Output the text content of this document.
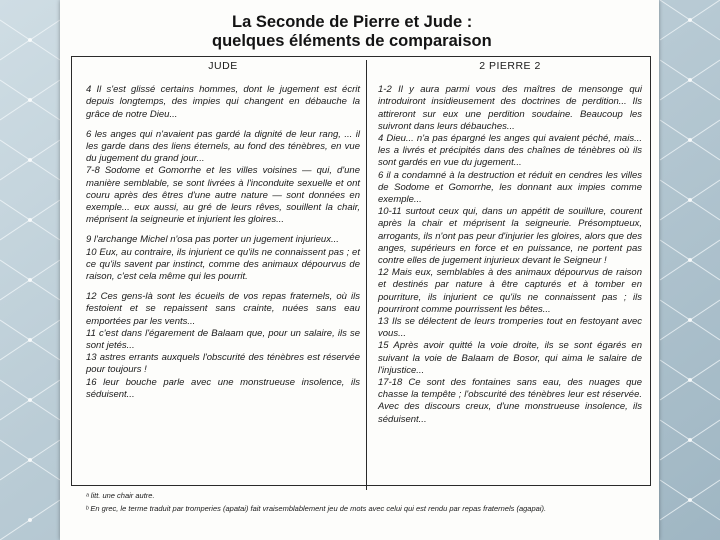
La Seconde de Pierre et Jude :
quelques éléments de comparaison
JUDE

4 Il s'est glissé certains hommes, dont le jugement est écrit depuis longtemps, des impies qui changent en débauche la grâce de notre Dieu...

6 les anges qui n'avaient pas gardé la dignité de leur rang, ... il les garde dans des liens éternels, au fond des ténèbres, en vue du jugement du grand jour...

7-8 Sodome et Gomorrhe et les villes voisines — qui, d'une manière semblable, se sont livrées à l'inconduite sexuelle et ont couru après des êtres d'une autre nature — sont données en exemple... eux aussi, au gré de leurs rêves, souillent la chair, méprisent la seigneurie et injurient les gloires...

9 l'archange Michel n'osa pas porter un jugement injurieux...

10 Eux, au contraire, ils injurient ce qu'ils ne connaissent pas ; et ce qu'ils savent par instinct, comme des animaux dépourvus de raison, c'est cela même qui les pourrit.

12 Ces gens-là sont les écueils de vos repas fraternels, où ils festoient et se repaissent sans crainte, nuées sans eau emportées par les vents...

11 c'est dans l'égarement de Balaam que, pour un salaire, ils se sont jetés...

13 astres errants auxquels l'obscurité des ténèbres est réservée pour toujours !

16 leur bouche parle avec une monstrueuse insolence, ils séduisent...

2 PIERRE 2

1-2 Il y aura parmi vous des maîtres de mensonge qui introduiront insidieusement des doctrines de perdition... Ils attireront sur eux une perdition soudaine. Beaucoup les suivront dans leurs débauches...

4 Dieu... n'a pas épargné les anges qui avaient péché, mais... les a livrés et précipités dans des chaînes de ténèbres où ils sont gardés en vue du jugement...

6 il a condamné à la destruction et réduit en cendres les villes de Sodome et Gomorrhe, les donnant aux impies comme exemple...

10-11 surtout ceux qui, dans un appétit de souillure, courent après la chair et méprisent la seigneurie. Présomptueux, arrogants, ils n'ont pas peur d'injurier les gloires, alors que des anges, supérieurs en force et en puissance, ne portent pas contre elles de jugement injurieux devant le Seigneur !

12 Mais eux, semblables à des animaux dépourvus de raison et destinés par nature à être capturés et à tomber en pourriture, ils injurient ce qu'ils ne connaissent pas ; ils pourriront comme pourrissent les bêtes...

13 Ils se délectent de leurs tromperies tout en festoyant avec vous...

15 Après avoir quitté la voie droite, ils se sont égarés en suivant la voie de Balaam de Bosor, qui aima le salaire de l'injustice...

17-18 Ce sont des fontaines sans eau, des nuages que chasse la tempête ; l'obscurité des ténèbres leur est réservée. Avec des discours creux, d'une monstrueuse insolence, ils séduisent...

ᵃ litt. une chair autre.
ᵇ En grec, le terme traduit par tromperies (apatai) fait vraisemblablement jeu de mots avec celui qui est rendu par repas fraternels (agapai).
